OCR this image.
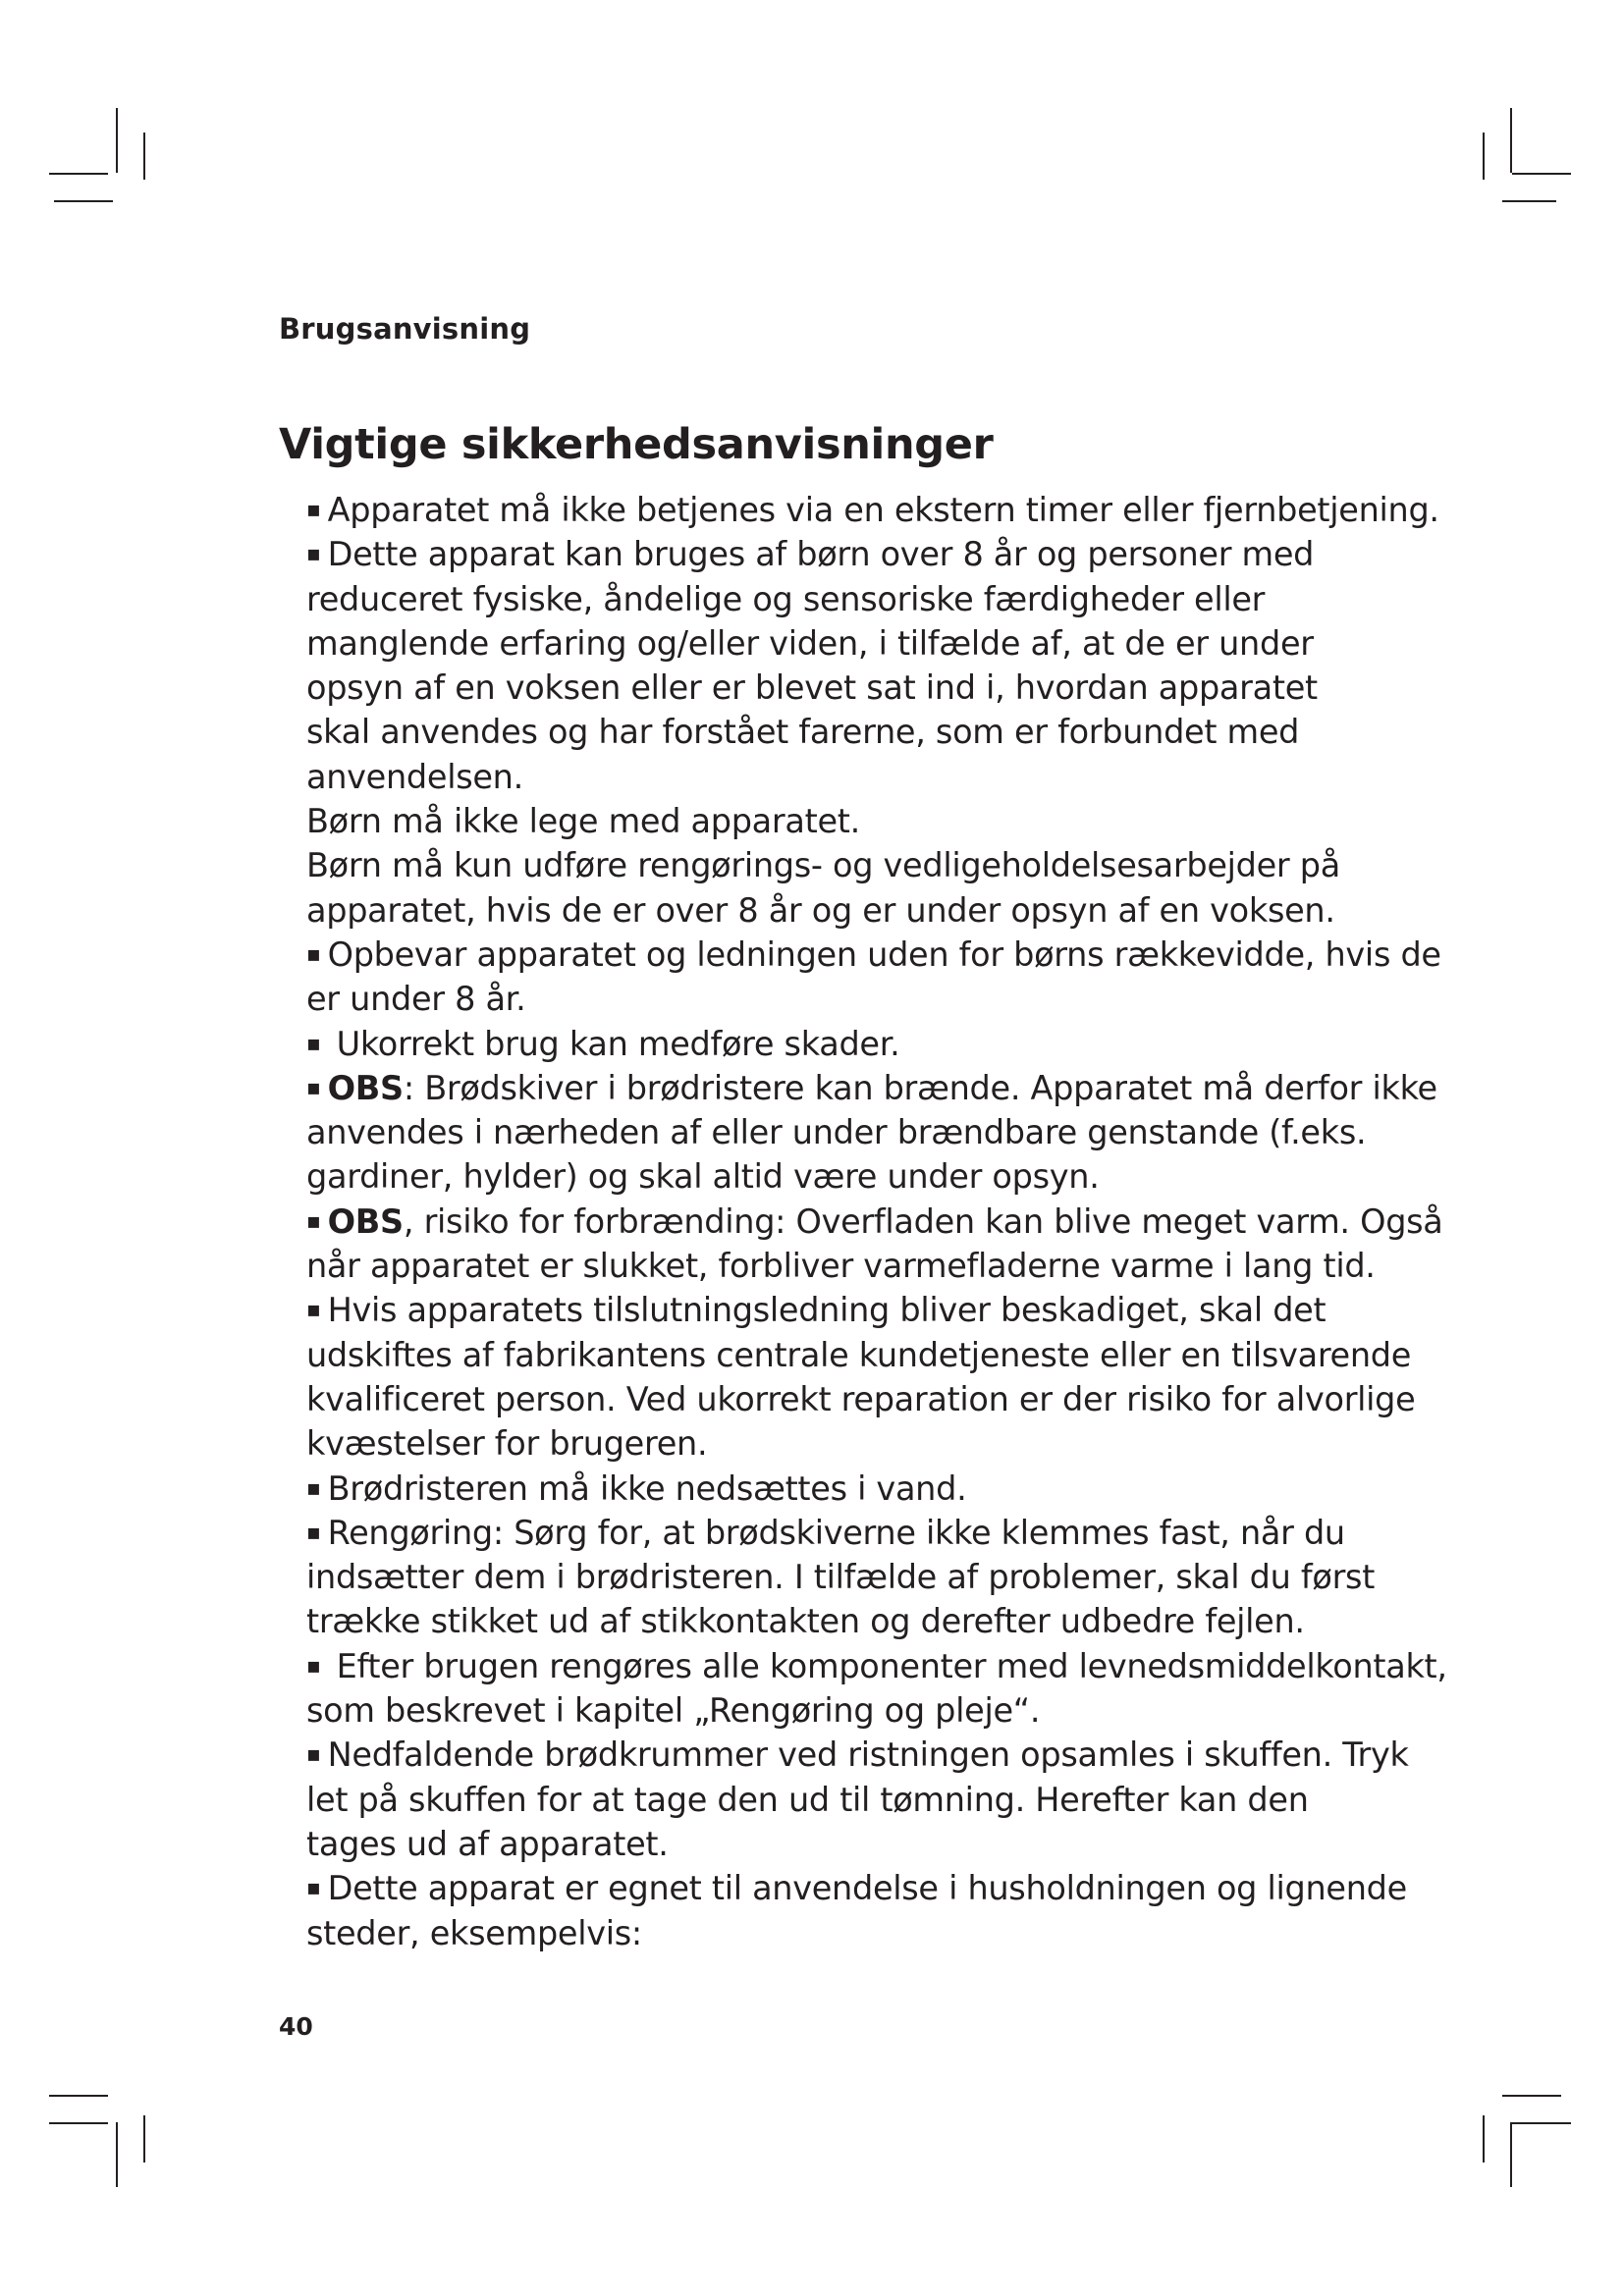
Brugsanvisning
Vigtige sikkerhedsanvisninger
▪ Apparatet må ikke betjenes via en ekstern timer eller fjernbetjening.
▪ Dette apparat kan bruges af børn over 8 år og personer med
reduceret fysiske, åndelige og sensoriske færdigheder eller
manglende erfaring og/eller viden, i tilfælde af, at de er under
opsyn af en voksen eller er blevet sat ind i, hvordan apparatet
skal anvendes og har forstået farerne, som er forbundet med
anvendelsen.
Børn må ikke lege med apparatet.
Børn må kun udføre rengørings- og vedligeholdelsesarbejder på
apparatet, hvis de er over 8 år og er under opsyn af en voksen.
▪ Opbevar apparatet og ledningen uden for børns rækkevidde, hvis de
er under 8 år.
▪ Ukorrekt brug kan medføre skader.
▪ OBS: Brødskiver i brødristere kan brænde. Apparatet må derfor ikke
anvendes i nærheden af eller under brændbare genstande (f.eks.
gardiner, hylder) og skal altid være under opsyn.
▪ OBS, risiko for forbrænding: Overfladen kan blive meget varm. Også
når apparatet er slukket, forbliver varmefladerne varme i lang tid.
▪ Hvis apparatets tilslutningsledning bliver beskadiget, skal det
udskiftes af fabrikantens centrale kundetjeneste eller en tilsvarende
kvalificeret person. Ved ukorrekt reparation er der risiko for alvorlige
kvæstelser for brugeren.
▪ Brødristeren må ikke nedsættes i vand.
▪ Rengøring: Sørg for, at brødskiverne ikke klemmes fast, når du
indsætter dem i brødristeren. I tilfælde af problemer, skal du først
trække stikket ud af stikkontakten og derefter udbedre fejlen.
▪ Efter brugen rengøres alle komponenter med levnedsmiddelkontakt,
som beskrevet i kapitel „Rengøring og pleje“.
▪ Nedfaldende brødkrummer ved ristningen opsamles i skuffen. Tryk
let på skuffen for at tage den ud til tømning. Herefter kan den
tages ud af apparatet.
▪ Dette apparat er egnet til anvendelse i husholdningen og lignende
steder, eksempelvis:
40
